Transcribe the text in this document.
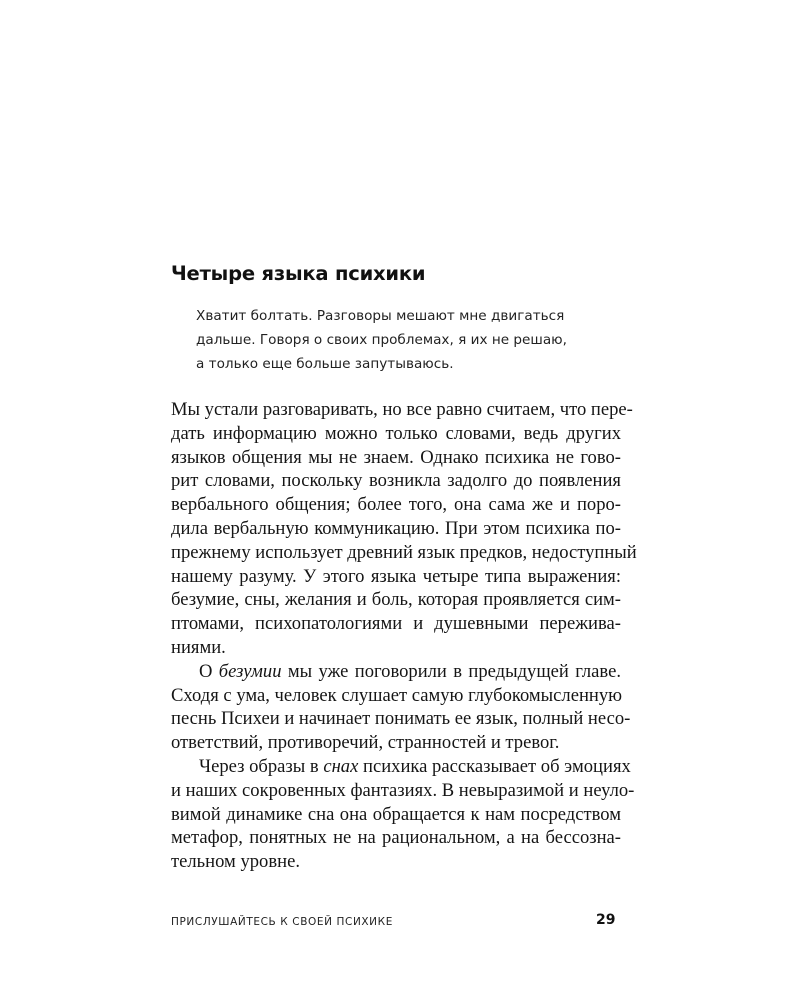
Четыре языка психики
Хватит болтать. Разговоры мешают мне двигаться
дальше. Говоря о своих проблемах, я их не решаю,
а только еще больше запутываюсь.
Мы устали разговаривать, но все равно считаем, что пере-
дать информацию можно только словами, ведь других
языков общения мы не знаем. Однако психика не гово-
рит словами, поскольку возникла задолго до появления
вербального общения; более того, она сама же и поро-
дила вербальную коммуникацию. При этом психика по-
прежнему использует древний язык предков, недоступный
нашему разуму. У этого языка четыре типа выражения:
безумие, сны, желания и боль, которая проявляется сим-
птомами, психопатологиями и душевными пережива-
ниями.
О безумии мы уже поговорили в предыдущей главе.
Сходя с ума, человек слушает самую глубокомысленную
песнь Психеи и начинает понимать ее язык, полный несо-
ответствий, противоречий, странностей и тревог.
Через образы в снах психика рассказывает об эмоциях
и наших сокровенных фантазиях. В невыразимой и неуло-
вимой динамике сна она обращается к нам посредством
метафор, понятных не на рациональном, а на бессозна-
тельном уровне.
ПРИСЛУШАЙТЕСЬ К СВОЕЙ ПСИХИКЕ	29
